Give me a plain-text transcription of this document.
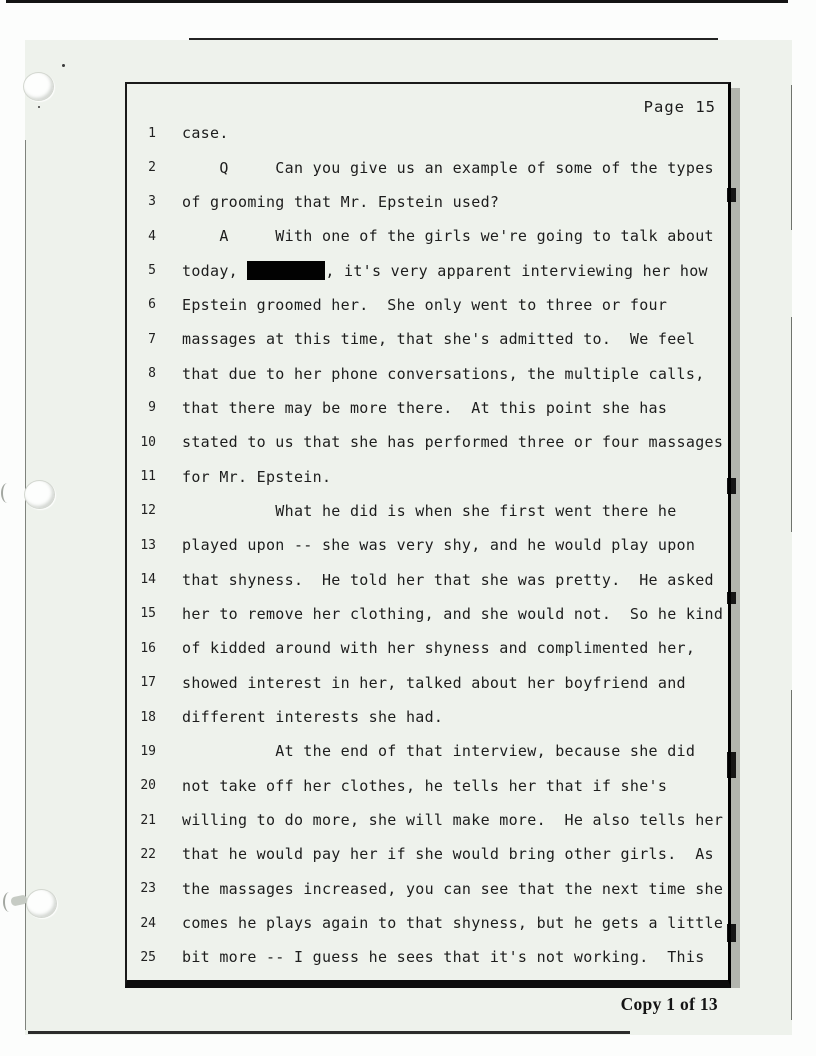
Page 15
1 case.
2 Q     Can you give us an example of some of the types
3 of grooming that Mr. Epstein used?
4 A     With one of the girls we're going to talk about
5 today,	, it's very apparent interviewing her how
6 Epstein groomed her.  She only went to three or four
7 massages at this time, that she's admitted to.  We feel
8 that due to her phone conversations, the multiple calls,
9 that there may be more there.  At this point she has
10 stated to us that she has performed three or four massages
11 for Mr. Epstein.
12 What he did is when she first went there he
13 played upon -- she was very shy, and he would play upon
14 that shyness.  He told her that she was pretty.  He asked
15 her to remove her clothing, and she would not.  So he kind
16 of kidded around with her shyness and complimented her,
17 showed interest in her, talked about her boyfriend and
18 different interests she had.
19 At the end of that interview, because she did
20 not take off her clothes, he tells her that if she's
21 willing to do more, she will make more.  He also tells her
22 that he would pay her if she would bring other girls.  As
23 the massages increased, you can see that the next time she
24 comes he plays again to that shyness, but he gets a little
25 bit more -- I guess he sees that it's not working.  This
Copy 1 of 13
